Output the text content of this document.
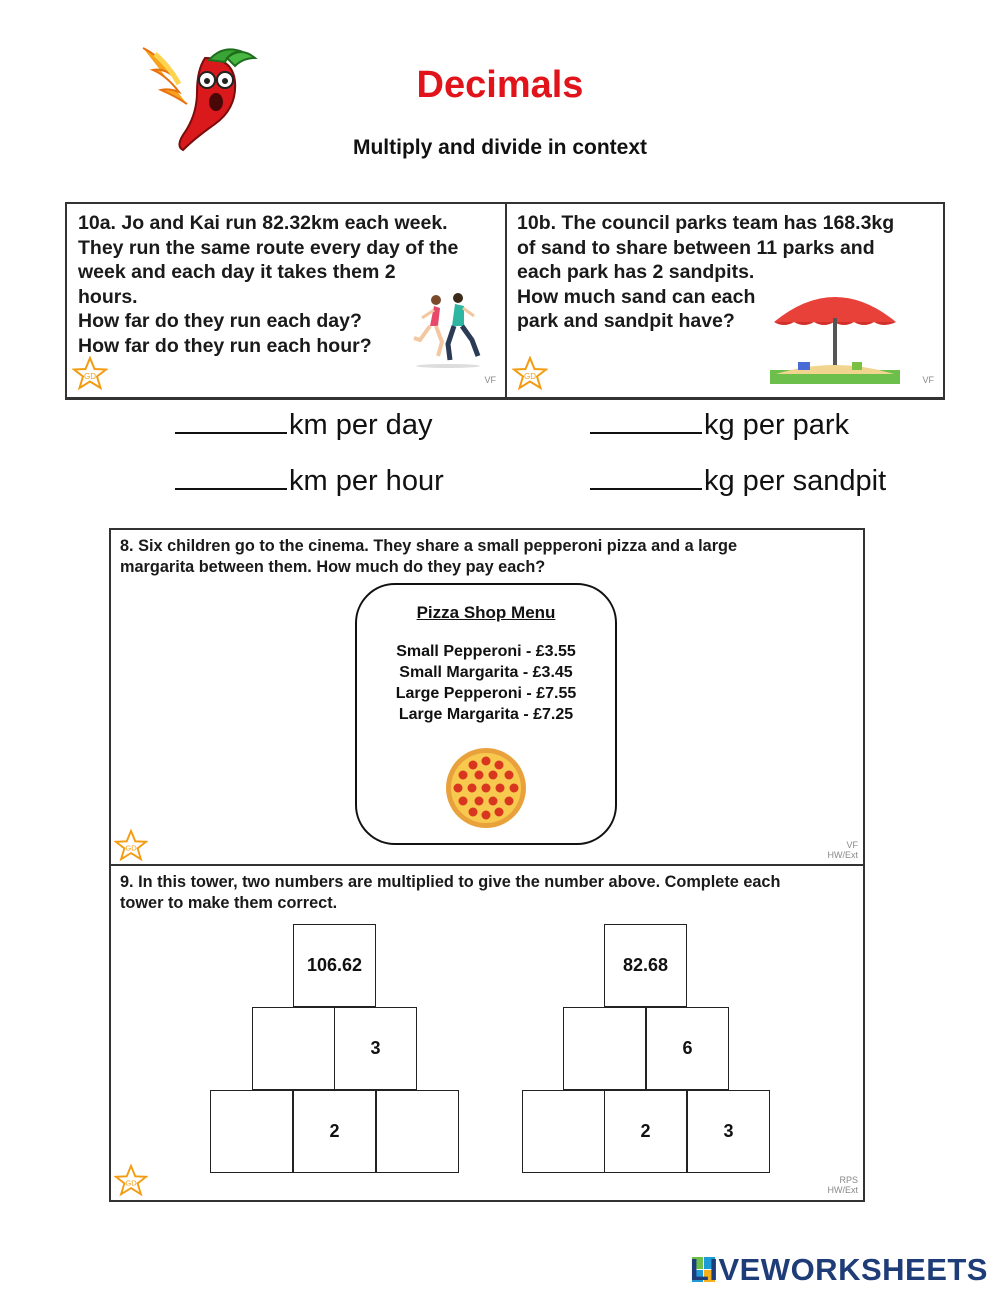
Decimals
Multiply and divide in context
10a. Jo and Kai run 82.32km each week.
They run the same route every day of the
week and each day it takes them 2
hours.
How far do they run each day?
How far do they run each hour?
10b. The council parks team has 168.3kg
of sand to share between 11 parks and
each park has 2 sandpits.
How much sand can each
park and sandpit have?
GD	GD
VF	VF
km per day
km per hour
kg per park
kg per sandpit
8. Six children go to the cinema. They share a small pepperoni pizza and a large
margarita between them. How much do they pay each?
Pizza Shop Menu
Small Pepperoni - £3.55
Small Margarita - £3.45
Large Pepperoni - £7.55
Large Margarita - £7.25
GD	VF
HW/Ext
9. In this tower, two numbers are multiplied to give the number above. Complete each
tower to make them correct.
106.62
3
2
82.68
6
2	3
GD	RPS
HW/Ext
LIVEWORKSHEETS
